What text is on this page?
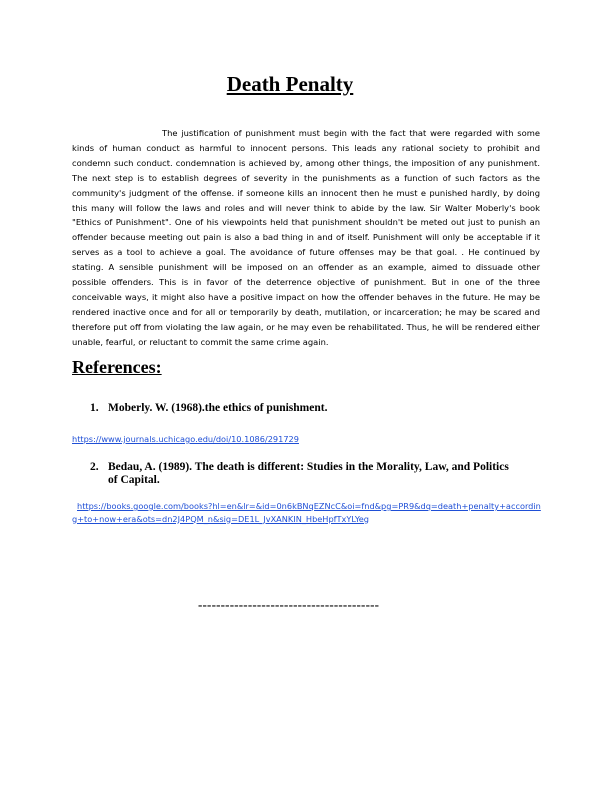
Death Penalty

The justification of punishment must begin with the fact that were regarded with some kinds of human conduct as harmful to innocent persons. This leads any rational society to prohibit and condemn such conduct. condemnation is achieved by, among other things, the imposition of any punishment. The next step is to establish degrees of severity in the punishments as a function of such factors as the community's judgment of the offense. if someone kills an innocent then he must e punished hardly, by doing this many will follow the laws and roles and will never think to abide by the law. Sir Walter Moberly's book "Ethics of Punishment". One of his viewpoints held that punishment shouldn't be meted out just to punish an offender because meeting out pain is also a bad thing in and of itself. Punishment will only be acceptable if it serves as a tool to achieve a goal. The avoidance of future offenses may be that goal. . He continued by stating. A sensible punishment will be imposed on an offender as an example, aimed to dissuade other possible offenders. This is in favor of the deterrence objective of punishment. But in one of the three conceivable ways, it might also have a positive impact on how the offender behaves in the future. He may be rendered inactive once and for all or temporarily by death, mutilation, or incarceration; he may be scared and therefore put off from violating the law again, or he may even be rehabilitated. Thus, he will be rendered either unable, fearful, or reluctant to commit the same crime again.

References:
1. Moberly. W. (1968).the ethics of punishment.
https://www.journals.uchicago.edu/doi/10.1086/291729
2. Bedau, A. (1989). The death is different: Studies in the Morality, Law, and Politics
of Capital.
https://books.google.com/books?hl=en&lr=&id=0n6kBNqEZNcC&oi=fnd&pg=PR9&dq=death+penalty+according+to+now+era&ots=dn2J4PQM_n&sig=DE1L_JvXANKIN_HbeHpfTxYLYeg
----------------------------------------
